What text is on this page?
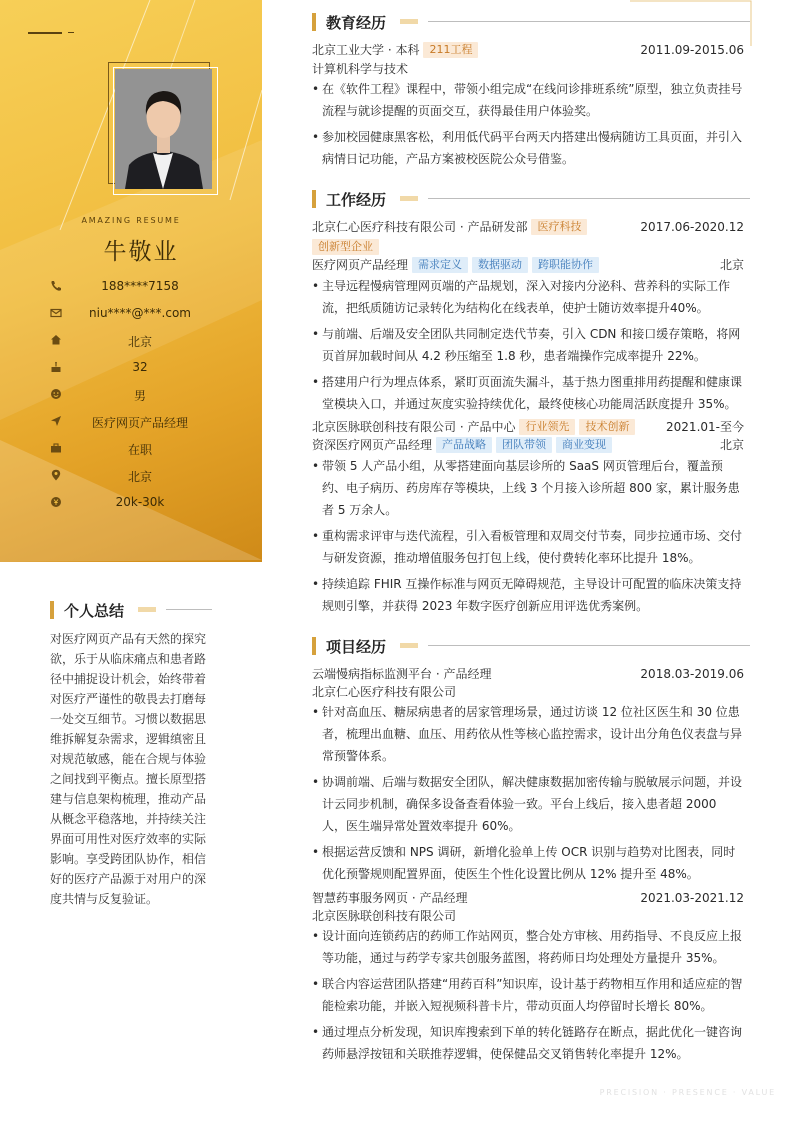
AMAZING RESUME
牛敬业
188****7158
niu****@***.com
北京
32
男
医疗网页产品经理
在职
北京
20k-30k
个人总结
对医疗网页产品有天然的探究欲，乐于从临床痛点和患者路径中捕捉设计机会，始终带着对医疗严谨性的敬畏去打磨每一处交互细节。习惯以数据思维拆解复杂需求，逻辑缜密且对规范敏感，能在合规与体验之间找到平衡点。擅长原型搭建与信息架构梳理，推动产品从概念平稳落地，并持续关注界面可用性对医疗效率的实际影响。享受跨团队协作，相信好的医疗产品源于对用户的深度共情与反复验证。
教育经历
北京工业大学 · 本科 211工程	2011.09-2015.06
计算机科学与技术
• 在《软件工程》课程中，带领小组完成“在线问诊排班系统”原型，独立负责挂号流程与就诊提醒的页面交互，获得最佳用户体验奖。
• 参加校园健康黑客松，利用低代码平台两天内搭建出慢病随访工具页面，并引入病情日记功能，产品方案被校医院公众号借鉴。
工作经历
北京仁心医疗科技有限公司 · 产品研发部 医疗科技	2017.06-2020.12
创新型企业
医疗网页产品经理 需求定义 数据驱动 跨职能协作	北京
• 主导远程慢病管理网页端的产品规划，深入对接内分泌科、营养科的实际工作流，把纸质随访记录转化为结构化在线表单，使护士随访效率提升40%。
• 与前端、后端及安全团队共同制定迭代节奏，引入 CDN 和接口缓存策略，将网页首屏加载时间从 4.2 秒压缩至 1.8 秒，患者端操作完成率提升 22%。
• 搭建用户行为埋点体系，紧盯页面流失漏斗，基于热力图重排用药提醒和健康课堂模块入口，并通过灰度实验持续优化，最终使核心功能周活跃度提升 35%。
北京医脉联创科技有限公司 · 产品中心 行业领先 技术创新	2021.01-至今
资深医疗网页产品经理 产品战略 团队带领 商业变现	北京
• 带领 5 人产品小组，从零搭建面向基层诊所的 SaaS 网页管理后台，覆盖预约、电子病历、药房库存等模块，上线 3 个月接入诊所超 800 家，累计服务患者 5 万余人。
• 重构需求评审与迭代流程，引入看板管理和双周交付节奏，同步拉通市场、交付与研发资源，推动增值服务包打包上线，使付费转化率环比提升 18%。
• 持续追踪 FHIR 互操作标准与网页无障碍规范，主导设计可配置的临床决策支持规则引擎，并获得 2023 年数字医疗创新应用评选优秀案例。
项目经历
云端慢病指标监测平台 · 产品经理	2018.03-2019.06
北京仁心医疗科技有限公司
• 针对高血压、糖尿病患者的居家管理场景，通过访谈 12 位社区医生和 30 位患者，梳理出血糖、血压、用药依从性等核心监控需求，设计出分角色仪表盘与异常预警体系。
• 协调前端、后端与数据安全团队，解决健康数据加密传输与脱敏展示问题，并设计云同步机制，确保多设备查看体验一致。平台上线后，接入患者超 2000 人，医生端异常处置效率提升 60%。
• 根据运营反馈和 NPS 调研，新增化验单上传 OCR 识别与趋势对比图表，同时优化预警规则配置界面，使医生个性化设置比例从 12% 提升至 48%。
智慧药事服务网页 · 产品经理	2021.03-2021.12
北京医脉联创科技有限公司
• 设计面向连锁药店的药师工作站网页，整合处方审核、用药指导、不良反应上报等功能，通过与药学专家共创服务蓝图，将药师日均处理处方量提升 35%。
• 联合内容运营团队搭建“用药百科”知识库，设计基于药物相互作用和适应症的智能检索功能，并嵌入短视频科普卡片，带动页面人均停留时长增长 80%。
• 通过埋点分析发现，知识库搜索到下单的转化链路存在断点，据此优化一键咨询药师悬浮按钮和关联推荐逻辑，使保健品交叉销售转化率提升 12%。
PRECISION · PRESENCE · VALUE
